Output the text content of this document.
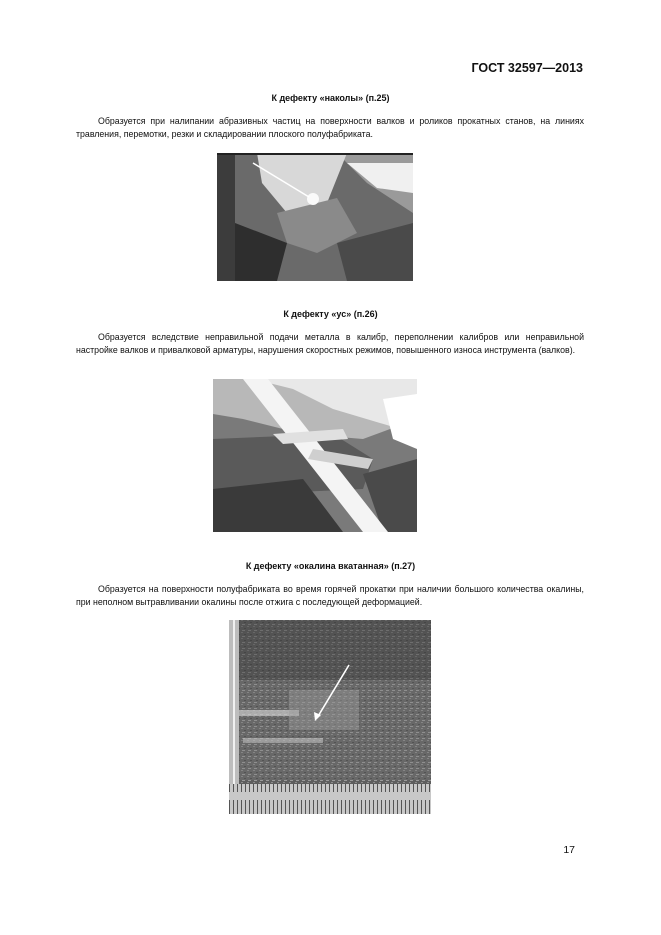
ГОСТ 32597—2013
К дефекту «наколы» (п.25)
Образуется при налипании абразивных частиц на поверхности валков и роликов прокатных станов, на линиях травления, перемотки, резки и складировании плоского полуфабриката.
К дефекту «ус» (п.26)
Образуется вследствие неправильной подачи металла в калибр, переполнении калибров или неправильной настройке валков и привалковой арматуры, нарушения скоростных режимов, повышенного износа инструмента (валков).
К дефекту «окалина вкатанная» (п.27)
Образуется на поверхности полуфабриката во время горячей прокатки при наличии большого количества окалины, при неполном вытравливании окалины после отжига с последующей деформацией.
17
